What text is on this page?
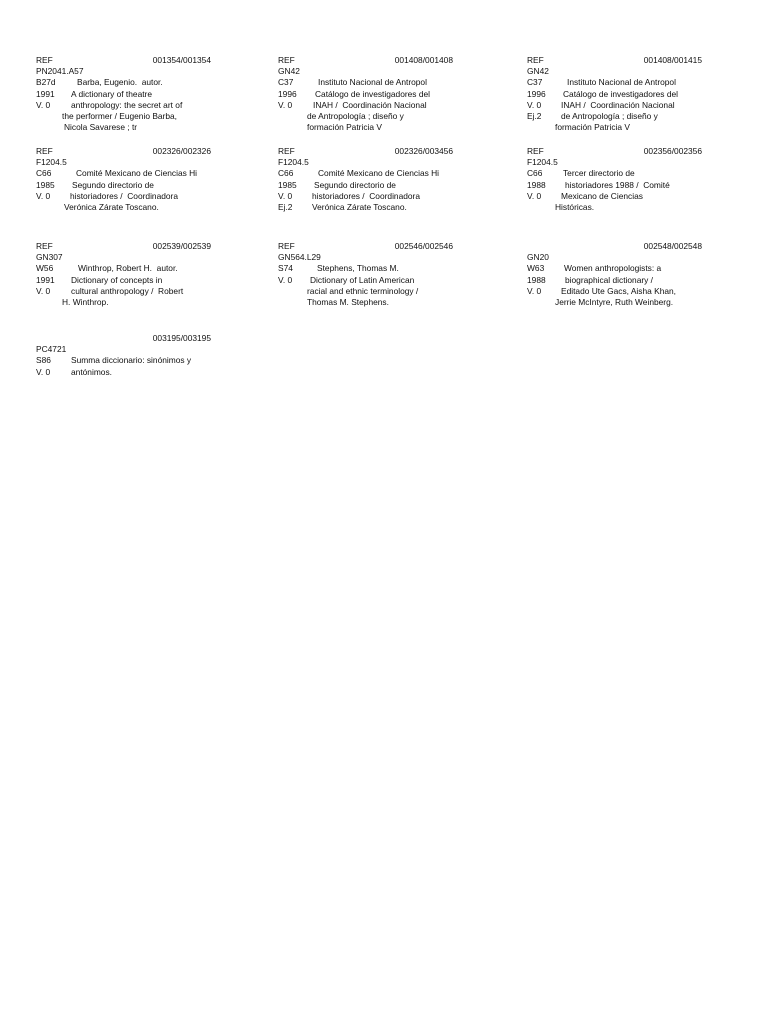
REF	001354/001354
PN2041.A57
B27d	Barba, Eugenio.  autor.
1991 A dictionary of theatre
V. 0 anthropology: the secret art of
the performer / Eugenio Barba,
Nicola Savarese ; tr
REF	001408/001408
GN42
C37	Instituto Nacional de Antropol
1996 Catálogo de investigadores del
V. 0 INAH /  Coordinación Nacional
de Antropología ; diseño y
formación Patricia V
REF	001408/001415
GN42
C37	Instituto Nacional de Antropol
1996 Catálogo de investigadores del
V. 0 INAH /  Coordinación Nacional
Ej.2 de Antropología ; diseño y
formación Patricia V
REF	002326/002326
F1204.5
C66	Comité Mexicano de Ciencias Hi
1985 Segundo directorio de
V. 0 historiadores /  Coordinadora
Verónica Zárate Toscano.
REF	002326/003456
F1204.5
C66	Comité Mexicano de Ciencias Hi
1985 Segundo directorio de
V. 0 historiadores /  Coordinadora
Ej.2 Verónica Zárate Toscano.
REF	002356/002356
F1204.5
C66 Tercer directorio de
1988 historiadores 1988 /  Comité
V. 0 Mexicano de Ciencias
Históricas.
REF	002539/002539
GN307
W56	Winthrop, Robert H.  autor.
1991 Dictionary of concepts in
V. 0 cultural anthropology /  Robert
H. Winthrop.
REF	002546/002546
GN564.L29
S74	Stephens, Thomas M.
V. 0 Dictionary of Latin American
racial and ethnic terminology /
Thomas M. Stephens.
002548/002548
GN20
W63 Women anthropologists: a
1988 biographical dictionary /
V. 0 Editado Ute Gacs, Aisha Khan,
Jerrie McIntyre, Ruth Weinberg.
003195/003195
PC4721
S86 Summa diccionario: sinónimos y
V. 0 antónimos.
